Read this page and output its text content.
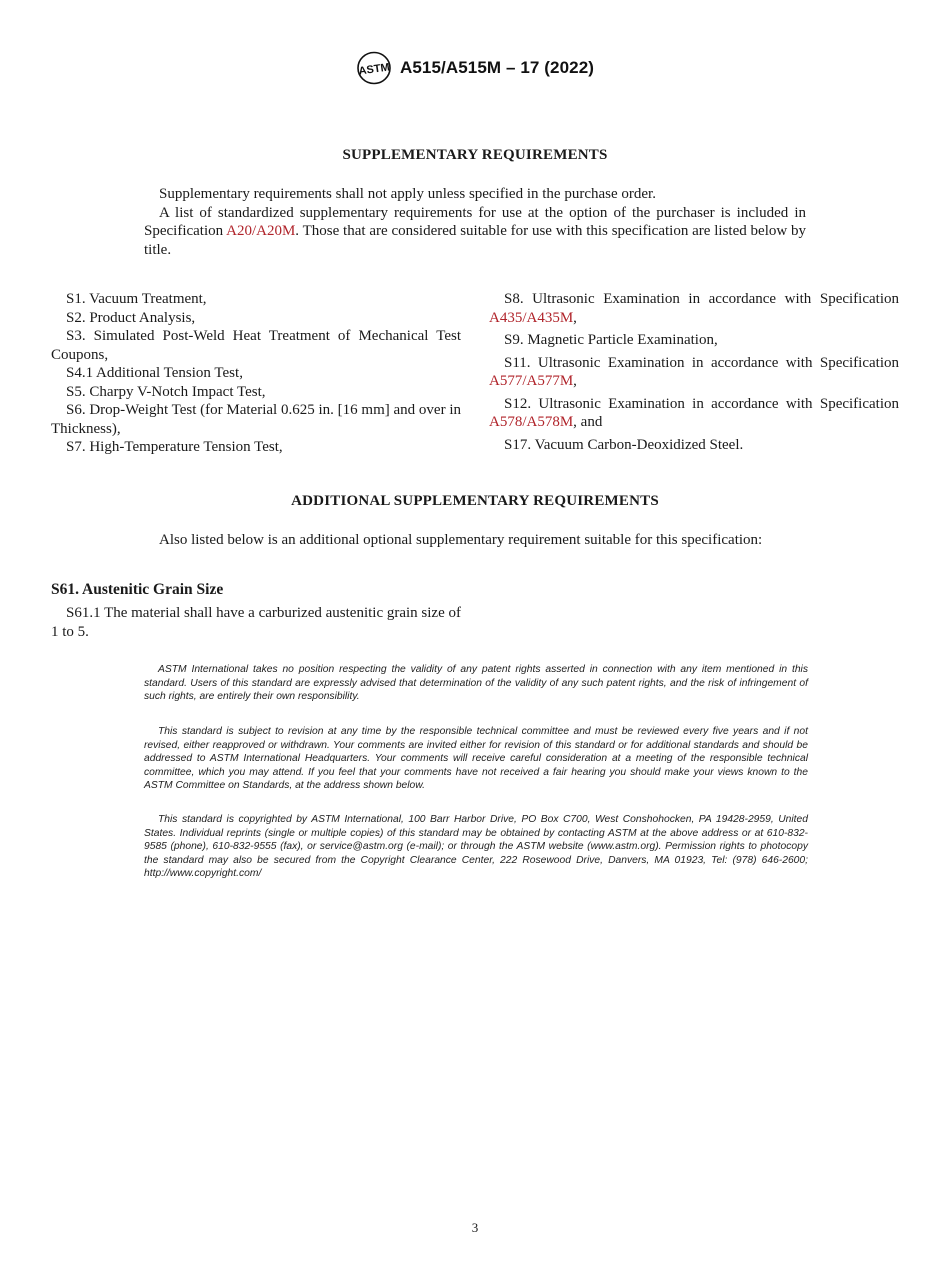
ASTM A515/A515M – 17 (2022)
SUPPLEMENTARY REQUIREMENTS

Supplementary requirements shall not apply unless specified in the purchase order.

A list of standardized supplementary requirements for use at the option of the purchaser is included in Specification A20/A20M. Those that are considered suitable for use with this specification are listed below by title.

S1. Vacuum Treatment,

S2. Product Analysis,

S3. Simulated Post-Weld Heat Treatment of Mechanical Test Coupons,

S4.1 Additional Tension Test,

S5. Charpy V-Notch Impact Test,

S6. Drop-Weight Test (for Material 0.625 in. [16 mm] and over in Thickness),

S7. High-Temperature Tension Test,

S8. Ultrasonic Examination in accordance with Specification A435/A435M,

S9. Magnetic Particle Examination,

S11. Ultrasonic Examination in accordance with Specification A577/A577M,

S12. Ultrasonic Examination in accordance with Specification A578/A578M, and

S17. Vacuum Carbon-Deoxidized Steel.

ADDITIONAL SUPPLEMENTARY REQUIREMENTS
Also listed below is an additional optional supplementary requirement suitable for this specification:
S61. Austenitic Grain Size

S61.1 The material shall have a carburized austenitic grain size of 1 to 5.

ASTM International takes no position respecting the validity of any patent rights asserted in connection with any item mentioned in this standard. Users of this standard are expressly advised that determination of the validity of any such patent rights, and the risk of infringement of such rights, are entirely their own responsibility.

This standard is subject to revision at any time by the responsible technical committee and must be reviewed every five years and if not revised, either reapproved or withdrawn. Your comments are invited either for revision of this standard or for additional standards and should be addressed to ASTM International Headquarters. Your comments will receive careful consideration at a meeting of the responsible technical committee, which you may attend. If you feel that your comments have not received a fair hearing you should make your views known to the ASTM Committee on Standards, at the address shown below.

This standard is copyrighted by ASTM International, 100 Barr Harbor Drive, PO Box C700, West Conshohocken, PA 19428-2959, United States. Individual reprints (single or multiple copies) of this standard may be obtained by contacting ASTM at the above address or at 610-832-9585 (phone), 610-832-9555 (fax), or service@astm.org (e-mail); or through the ASTM website (www.astm.org). Permission rights to photocopy the standard may also be secured from the Copyright Clearance Center, 222 Rosewood Drive, Danvers, MA 01923, Tel: (978) 646-2600; http://www.copyright.com/

3
